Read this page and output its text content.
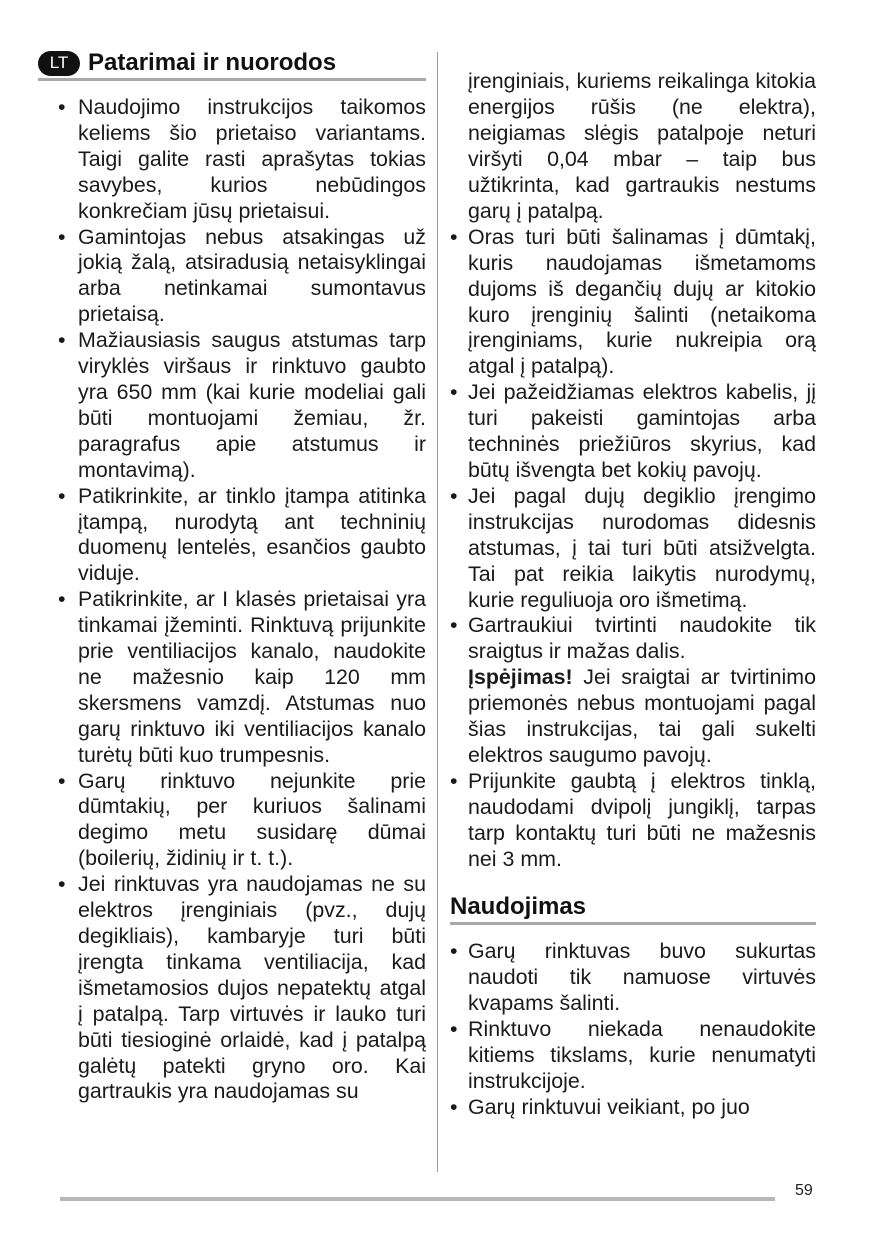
LT Patarimai ir nuorodos
• Naudojimo instrukcijos taikomos keliems šio prietaiso variantams. Taigi galite rasti aprašytas tokias savybes, kurios nebūdingos konkrečiam jūsų prietaisui.
• Gamintojas nebus atsakingas už jokią žalą, atsiradusią netaisyklingai arba netinkamai sumontavus prietaisą.
• Mažiausiasis saugus atstumas tarp viryklės viršaus ir rinktuvo gaubto yra 650 mm (kai kurie modeliai gali būti montuojami žemiau, žr. paragrafus apie atstumus ir montavimą).
• Patikrinkite, ar tinklo įtampa atitinka įtampą, nurodytą ant techninių duomenų lentelės, esančios gaubto viduje.
• Patikrinkite, ar I klasės prietaisai yra tinkamai įžeminti. Rinktuvą prijunkite prie ventiliacijos kanalo, naudokite ne mažesnio kaip 120 mm skersmens vamzdį. Atstumas nuo garų rinktuvo iki ventiliacijos kanalo turėtų būti kuo trumpesnis.
• Garų rinktuvo nejunkite prie dūmtakių, per kuriuos šalinami degimo metu susidarę dūmai (boilerių, židinių ir t. t.).
• Jei rinktuvas yra naudojamas ne su elektros įrenginiais (pvz., dujų degikliais), kambaryje turi būti įrengta tinkama ventiliacija, kad išmetamosios dujos nepatektų atgal į patalpą. Tarp virtuvės ir lauko turi būti tiesioginė orlaidė, kad į patalpą galėtų patekti gryno oro. Kai gartraukis yra naudojamas su

įrenginiais, kuriems reikalinga kitokia energijos rūšis (ne elektra), neigiamas slėgis patalpoje neturi viršyti 0,04 mbar – taip bus užtikrinta, kad gartraukis nestums garų į patalpą.

• Oras turi būti šalinamas į dūmtakį, kuris naudojamas išmetamoms dujoms iš degančių dujų ar kitokio kuro įrenginių šalinti (netaikoma įrenginiams, kurie nukreipia orą atgal į patalpą).
• Jei pažeidžiamas elektros kabelis, jį turi pakeisti gamintojas arba techninės priežiūros skyrius, kad būtų išvengta bet kokių pavojų.
• Jei pagal dujų degiklio įrengimo instrukcijas nurodomas didesnis atstumas, į tai turi būti atsižvelgta. Tai pat reikia laikytis nurodymų, kurie reguliuoja oro išmetimą.
• Gartraukiui tvirtinti naudokite tik sraigtus ir mažas dalis.
Įspėjimas! Jei sraigtai ar tvirtinimo priemonės nebus montuojami pagal šias instrukcijas, tai gali sukelti elektros saugumo pavojų.
• Prijunkite gaubtą į elektros tinklą, naudodami dvipolį jungiklį, tarpas tarp kontaktų turi būti ne mažesnis nei 3 mm.
Naudojimas
• Garų rinktuvas buvo sukurtas naudoti tik namuose virtuvės kvapams šalinti.
• Rinktuvo niekada nenaudokite kitiems tikslams, kurie nenumatyti instrukcijoje.
• Garų rinktuvui veikiant, po juo
59
